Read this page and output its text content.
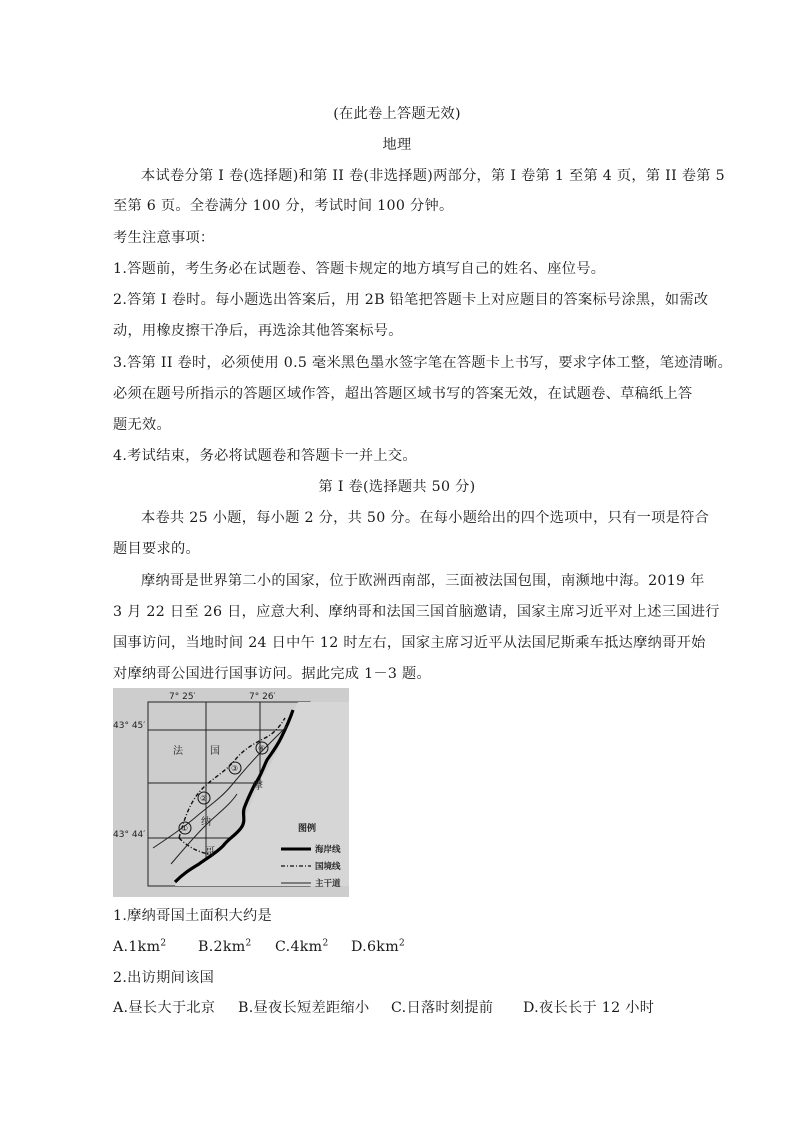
(在此卷上答题无效)
地理
本试卷分第 I 卷(选择题)和第 II 卷(非选择题)两部分，第 I 卷第 1 至第 4 页，第 II 卷第 5
至第 6 页。全卷满分 100 分，考试时间 100 分钟。
考生注意事项：
1.答题前，考生务必在试题卷、答题卡规定的地方填写自己的姓名、座位号。
2.答第 I 卷时。每小题选出答案后，用 2B 铅笔把答题卡上对应题目的答案标号涂黑，如需改
动，用橡皮擦干净后，再选涂其他答案标号。
3.答第 II 卷时，必须使用 0.5 毫米黑色墨水签字笔在答题卡上书写，要求字体工整，笔迹清晰。
必须在题号所指示的答题区域作答，超出答题区域书写的答案无效，在试题卷、草稿纸上答
题无效。
4.考试结束，务必将试题卷和答题卡一并上交。
第 I 卷(选择题共 50 分)
本卷共 25 小题，每小题 2 分，共 50 分。在每小题给出的四个选项中，只有一项是符合
题目要求的。
摩纳哥是世界第二小的国家，位于欧洲西南部，三面被法国包围，南濒地中海。2019 年
3 月 22 日至 26 日，应意大利、摩纳哥和法国三国首脑邀请，国家主席习近平对上述三国进行
国事访问，当地时间 24 日中午 12 时左右，国家主席习近平从法国尼斯乘车抵达摩纳哥开始
对摩纳哥公国进行国事访问。据此完成 1－3 题。
7° 25′	7° 26′
43° 45′
43° 44′
法	国
摩
纳
哥
①
②
③
④
图例
海岸线
国境线
主干道
1.摩纳哥国土面积大约是
$A.1km^2$ $B.2km^2$ $C.4km^2$ $D.6km^2$
2.出访期间该国
A.昼长大于北京 B.昼夜长短差距缩小 C.日落时刻提前 D.夜长长于 12 小时
